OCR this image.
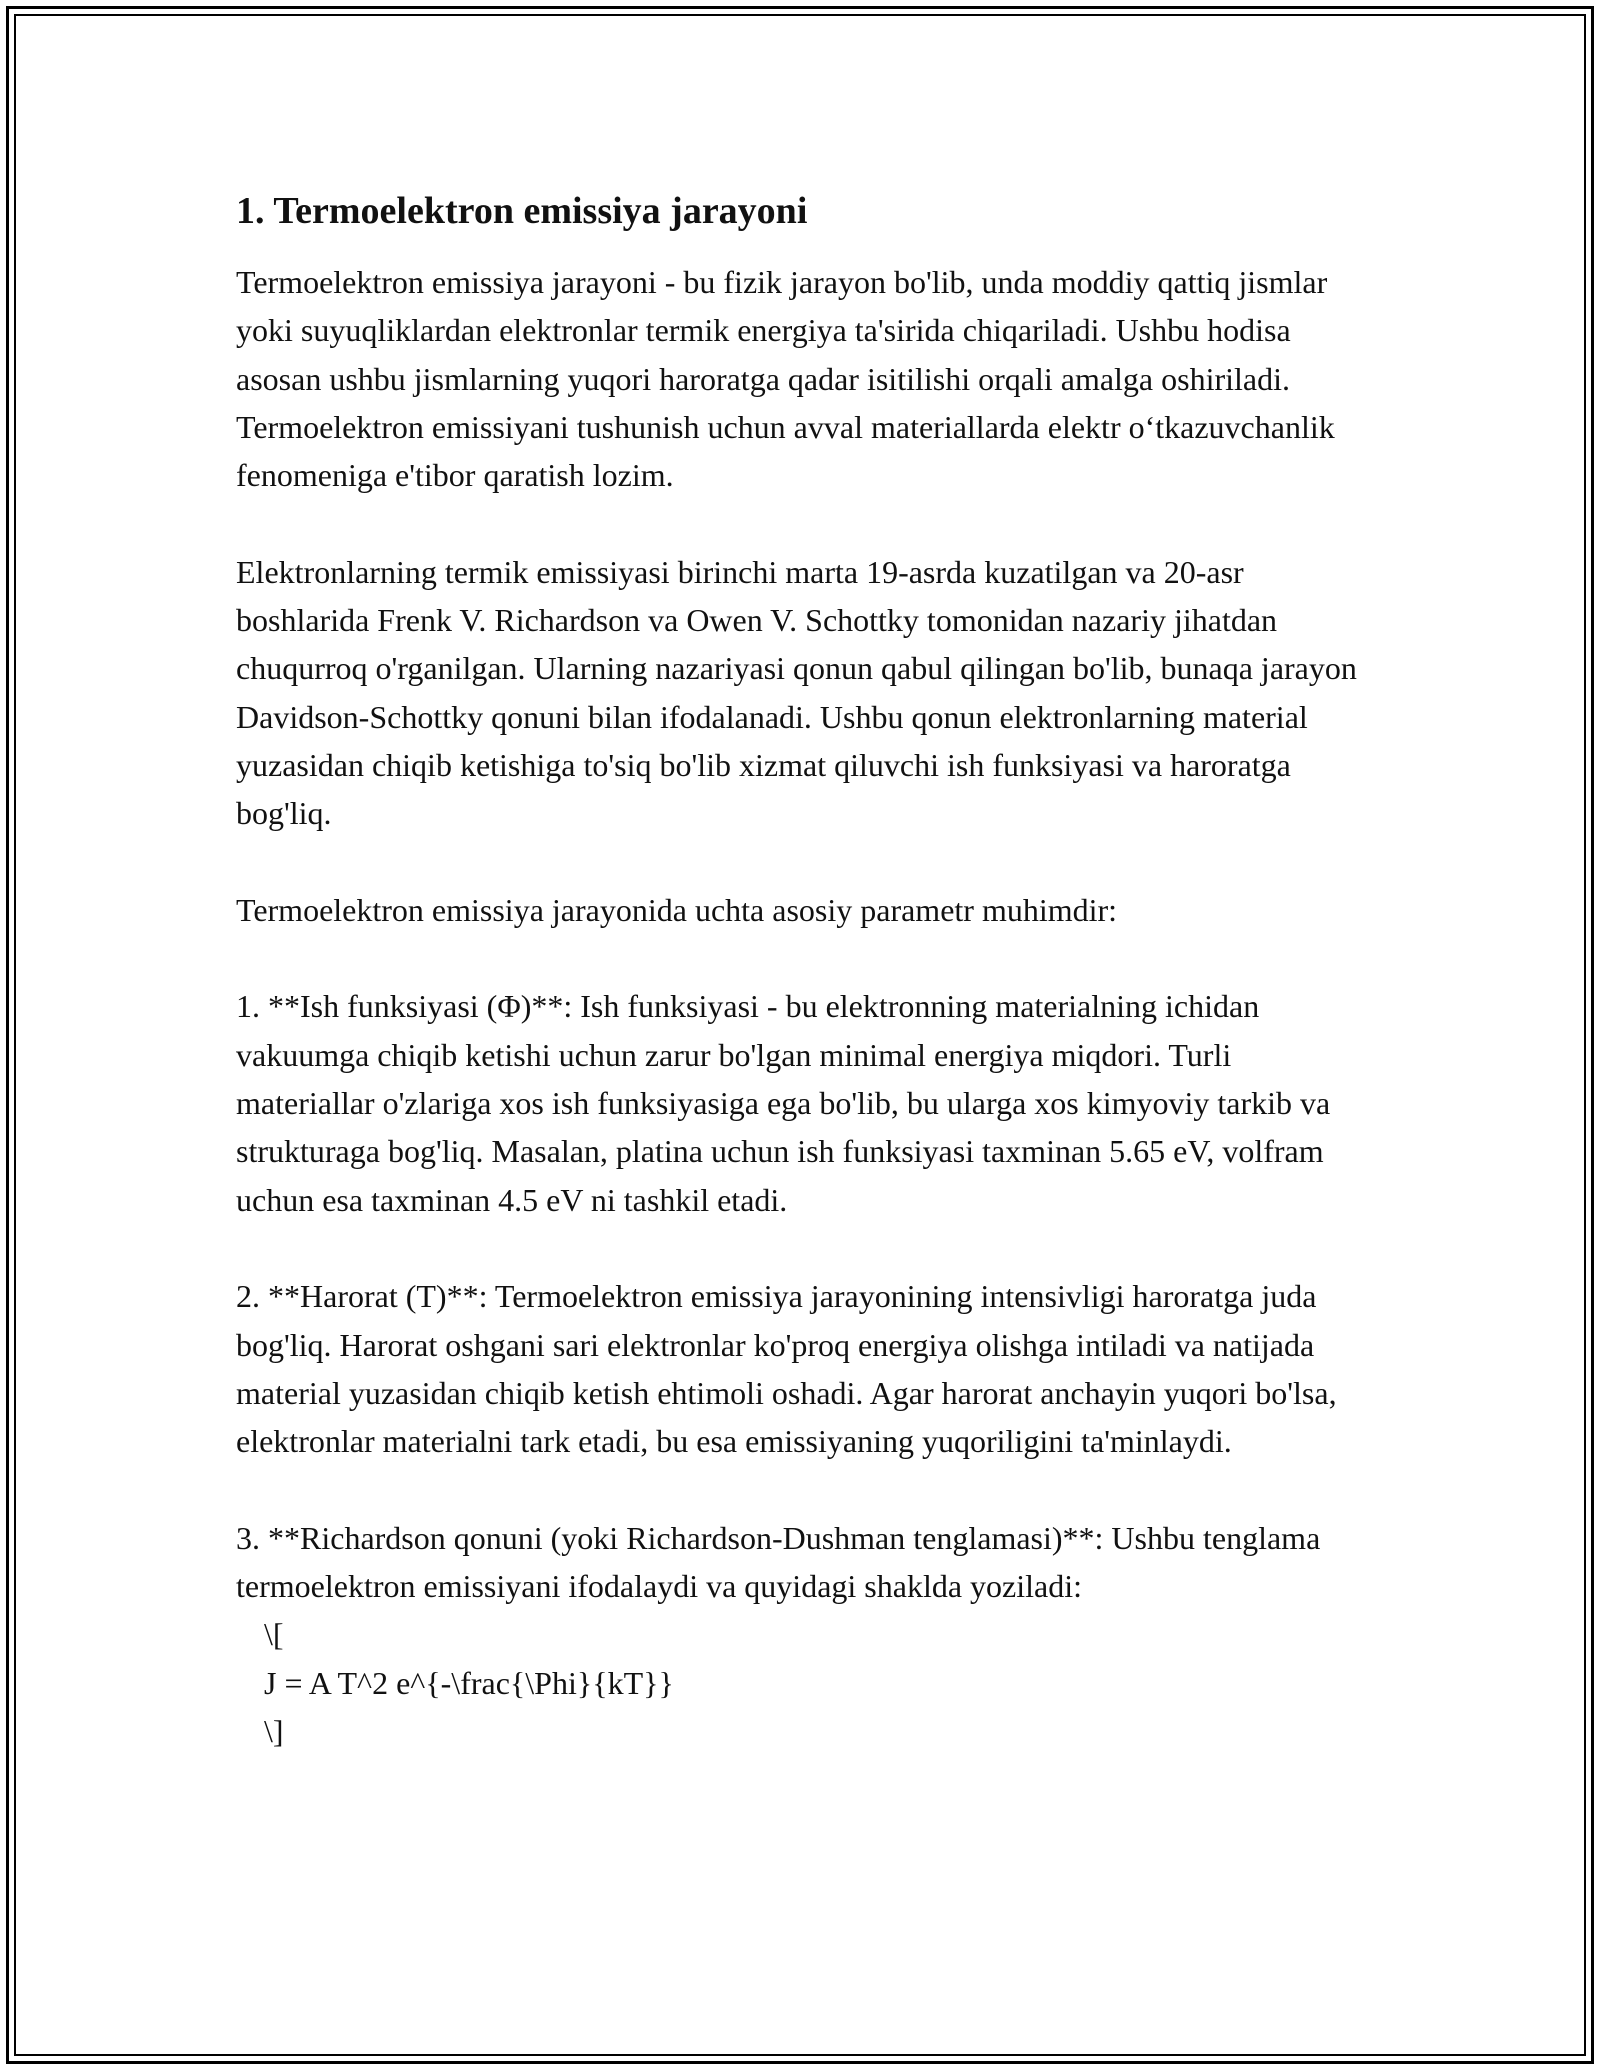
1. Termoelektron emissiya jarayoni

Termoelektron emissiya jarayoni - bu fizik jarayon bo'lib, unda moddiy qattiq jismlar yoki suyuqliklardan elektronlar termik energiya ta'sirida chiqariladi. Ushbu hodisa asosan ushbu jismlarning yuqori haroratga qadar isitilishi orqali amalga oshiriladi. Termoelektron emissiyani tushunish uchun avval materiallarda elektr o‘tkazuvchanlik fenomeniga e'tibor qaratish lozim.

Elektronlarning termik emissiyasi birinchi marta 19-asrda kuzatilgan va 20-asr boshlarida Frenk V. Richardson va Owen V. Schottky tomonidan nazariy jihatdan chuqurroq o'rganilgan. Ularning nazariyasi qonun qabul qilingan bo'lib, bunaqa jarayon Davidson-Schottky qonuni bilan ifodalanadi. Ushbu qonun elektronlarning material yuzasidan chiqib ketishiga to'siq bo'lib xizmat qiluvchi ish funksiyasi va haroratga bog'liq.

Termoelektron emissiya jarayonida uchta asosiy parametr muhimdir:

1. **Ish funksiyasi (Φ)**: Ish funksiyasi - bu elektronning materialning ichidan vakuumga chiqib ketishi uchun zarur bo'lgan minimal energiya miqdori. Turli materiallar o'zlariga xos ish funksiyasiga ega bo'lib, bu ularga xos kimyoviy tarkib va strukturaga bog'liq. Masalan, platina uchun ish funksiyasi taxminan 5.65 eV, volfram uchun esa taxminan 4.5 eV ni tashkil etadi.

2. **Harorat (T)**: Termoelektron emissiya jarayonining intensivligi haroratga juda bog'liq. Harorat oshgani sari elektronlar ko'proq energiya olishga intiladi va natijada material yuzasidan chiqib ketish ehtimoli oshadi. Agar harorat anchayin yuqori bo'lsa, elektronlar materialni tark etadi, bu esa emissiyaning yuqoriligini ta'minlaydi.

3. **Richardson qonuni (yoki Richardson-Dushman tenglamasi)**: Ushbu tenglama termoelektron emissiyani ifodalaydi va quyidagi shaklda yoziladi:

\[
J = A T^2 e^{-\frac{\Phi}{kT}}
\]
